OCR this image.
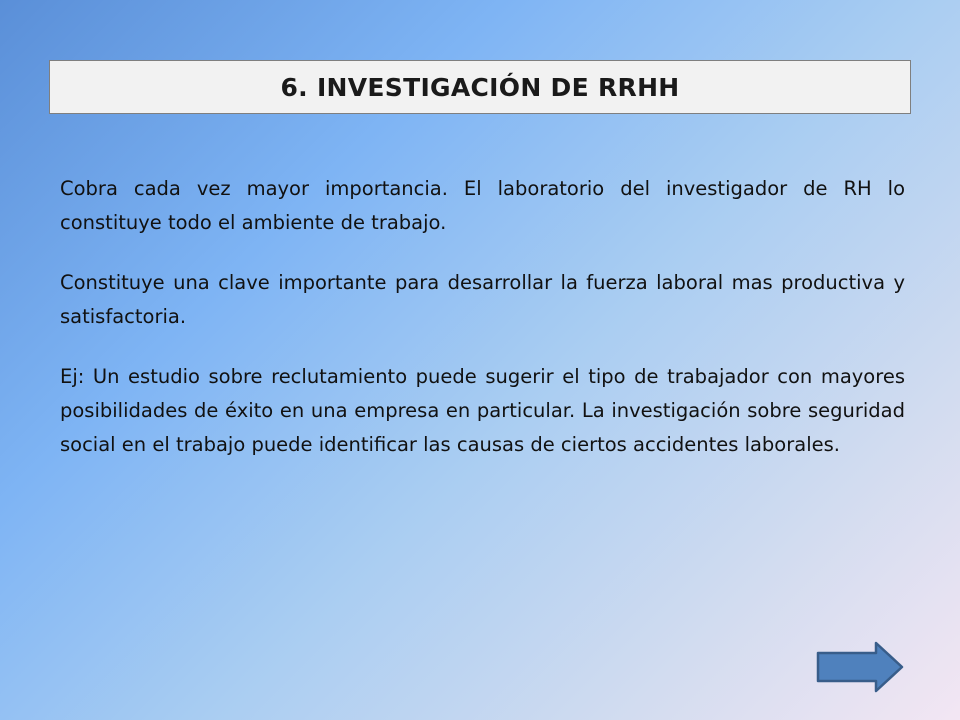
6. INVESTIGACIÓN DE RRHH

Cobra cada vez mayor importancia. El laboratorio del investigador de RH lo constituye todo el ambiente de trabajo.

Constituye una clave importante para desarrollar la fuerza laboral mas productiva y satisfactoria.

Ej: Un estudio sobre reclutamiento puede sugerir el tipo de trabajador con mayores posibilidades de éxito en una empresa en particular. La investigación sobre seguridad social en el trabajo puede identificar las causas de ciertos accidentes laborales.
